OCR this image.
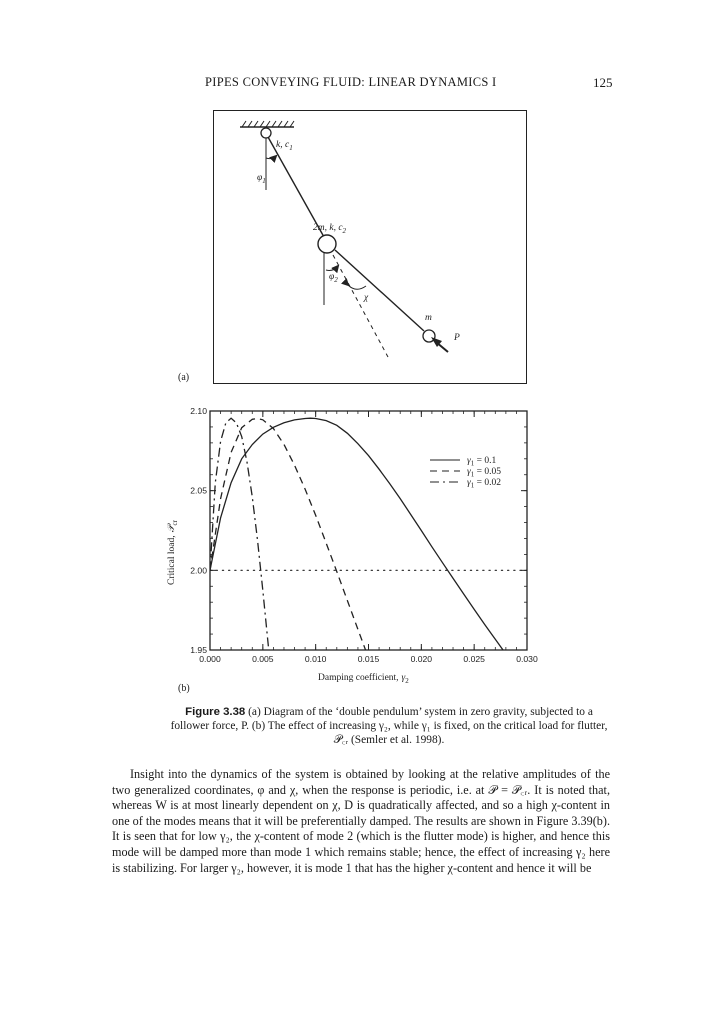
PIPES CONVEYING FLUID: LINEAR DYNAMICS I	125
(a)
k, $c_1$
$\varphi_1$
2m, k, $c_2$
$\varphi_2$
χ
m
P
(b)
0.000	0.005	0.010	0.015	0.020	0.025	0.030
1.95
2.00
2.05
2.10
$\gamma_1 = 0.1$
$\gamma_1 = 0.05$
$\gamma_1 = 0.02$
Damping coefficient, $\gamma_2$
Critical load,𝒫$_{cr}$
Figure 3.38 (a) Diagram of the ‘double pendulum’ system in zero gravity, subjected to a follower force, P. (b) The effect of increasing γ₂, while γ₁ is fixed, on the critical load for flutter, 𝒫꜀ᵣ (Semler et al. 1998).
Insight into the dynamics of the system is obtained by looking at the relative amplitudes of the two generalized coordinates, φ and χ, when the response is periodic, i.e. at 𝒫 = 𝒫꜀ᵣ. It is noted that, whereas W is at most linearly dependent on χ, D is quadratically affected, and so a high χ-content in one of the modes means that it will be preferentially damped. The results are shown in Figure 3.39(b). It is seen that for low γ₂, the χ-content of mode 2 (which is the flutter mode) is higher, and hence this mode will be damped more than mode 1 which remains stable; hence, the effect of increasing γ₂ here is stabilizing. For larger γ₂, however, it is mode 1 that has the higher χ-content and hence it will be
